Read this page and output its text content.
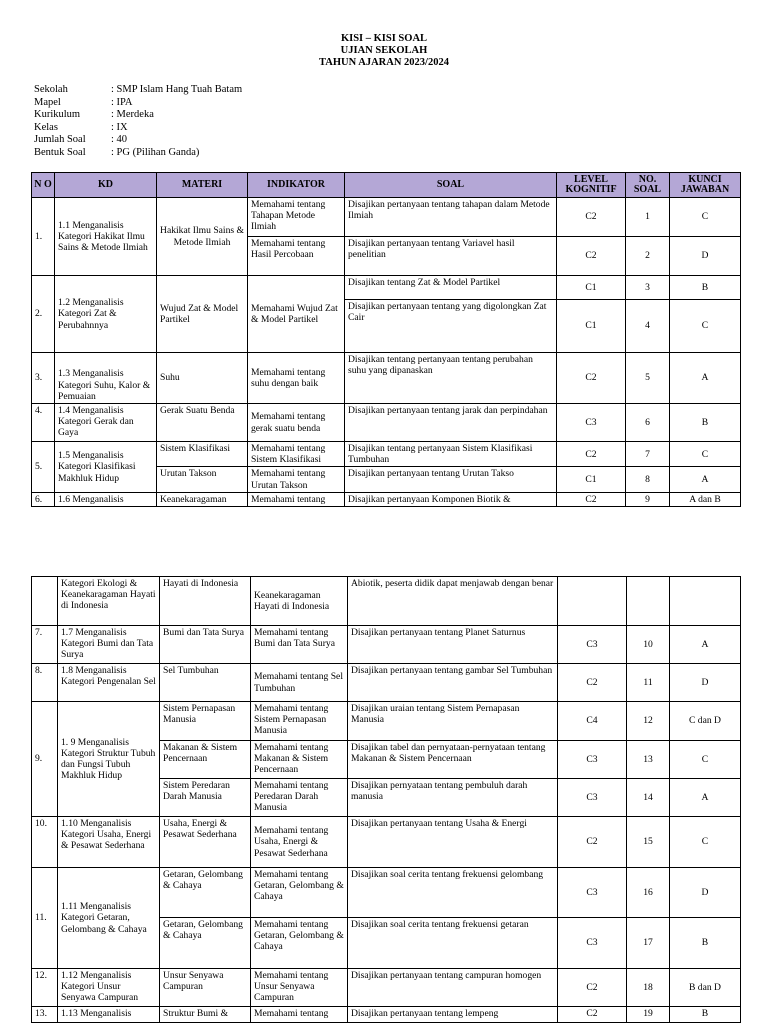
KISI – KISI SOAL
UJIAN SEKOLAH
TAHUN AJARAN 2023/2024
Sekolah	: SMP Islam Hang Tuah Batam
Mapel	: IPA
Kurikulum	: Merdeka
Kelas	: IX
Jumlah Soal	: 40
Bentuk Soal	: PG (Pilihan Ganda)
N O	KD	MATERI	INDIKATOR	SOAL	LEVEL KOGNITIF	NO. SOAL	KUNCI JAWABAN
1.	1.1 Menganalisis Kategori Hakikat Ilmu Sains & Metode Ilmiah	Hakikat Ilmu Sains & Metode Ilmiah	Memahami tentang Tahapan Metode Ilmiah	Disajikan pertanyaan tentang tahapan dalam Metode Ilmiah	C2	1	C
			Memahami tentang Hasil Percobaan	Disajikan pertanyaan tentang Variavel hasil penelitian	C2	2	D
2.	1.2 Menganalisis Kategori Zat & Perubahnnya	Wujud Zat & Model Partikel	Memahami Wujud Zat & Model Partikel	Disajikan tentang Zat & Model Partikel	C1	3	B
				Disajikan pertanyaan tentang yang digolongkan Zat Cair	C1	4	C
3.	1.3 Menganalisis Kategori Suhu, Kalor & Pemuaian	Suhu	Memahami tentang suhu dengan baik	Disajikan tentang pertanyaan tentang perubahan suhu yang dipanaskan	C2	5	A
4.	1.4 Menganalisis Kategori Gerak dan Gaya	Gerak Suatu Benda	Memahami tentang gerak suatu benda	Disajikan pertanyaan tentang jarak dan perpindahan	C3	6	B
5.	1.5 Menganalisis Kategori Klasifikasi Makhluk Hidup	Sistem Klasifikasi	Memahami tentang Sistem Klasifikasi	Disajikan tentang pertanyaan Sistem Klasifikasi Tumbuhan	C2	7	C
		Urutan Takson	Memahami tentang Urutan Takson	Disajikan pertanyaan tentang Urutan Takso	C1	8	A
6.	1.6 Menganalisis	Keanekaragaman	Memahami tentang	Disajikan pertanyaan Komponen Biotik &	C2	9	A dan B
	Kategori Ekologi & Keanekaragaman Hayati di Indonesia	Hayati di Indonesia	Keanekaragaman Hayati di Indonesia	Abiotik, peserta didik dapat menjawab dengan benar			
7.	1.7 Menganalisis Kategori Bumi dan Tata Surya	Bumi dan Tata Surya	Memahami tentang Bumi dan Tata Surya	Disajikan pertanyaan tentang Planet Saturnus	C3	10	A
8.	1.8 Menganalisis Kategori Pengenalan Sel	Sel Tumbuhan	Memahami tentang Sel Tumbuhan	Disajikan pertanyaan tentang gambar Sel Tumbuhan	C2	11	D
9.	1. 9 Menganalisis Kategori Struktur Tubuh dan Fungsi Tubuh Makhluk Hidup	Sistem Pernapasan Manusia	Memahami tentang Sistem Pernapasan Manusia	Disajikan uraian tentang Sistem Pernapasan Manusia	C4	12	C dan D
		Makanan & Sistem Pencernaan	Memahami tentang Makanan & Sistem Pencernaan	Disajikan tabel dan pernyataan-pernyataan tentang Makanan & Sistem Pencernaan	C3	13	C
		Sistem Peredaran Darah Manusia	Memahami tentang Peredaran Darah Manusia	Disajikan pernyataan tentang pembuluh darah manusia	C3	14	A
10.	1.10 Menganalisis Kategori Usaha, Energi & Pesawat Sederhana	Usaha, Energi & Pesawat Sederhana	Memahami tentang Usaha, Energi & Pesawat Sederhana	Disajikan pertanyaan tentang Usaha & Energi	C2	15	C
11.	1.11 Menganalisis Kategori Getaran, Gelombang & Cahaya	Getaran, Gelombang & Cahaya	Memahami tentang Getaran, Gelombang & Cahaya	Disajikan soal cerita tentang frekuensi gelombang	C3	16	D
		Getaran, Gelombang & Cahaya	Memahami tentang Getaran, Gelombang & Cahaya	Disajikan soal cerita tentang frekuensi getaran	C3	17	B
12.	1.12 Menganalisis Kategori Unsur Senyawa Campuran	Unsur Senyawa Campuran	Memahami tentang Unsur Senyawa Campuran	Disajikan pertanyaan tentang campuran homogen	C2	18	B dan D
13.	1.13 Menganalisis	Struktur Bumi &	Memahami tentang	Disajikan pertanyaan tentang lempeng	C2	19	B
